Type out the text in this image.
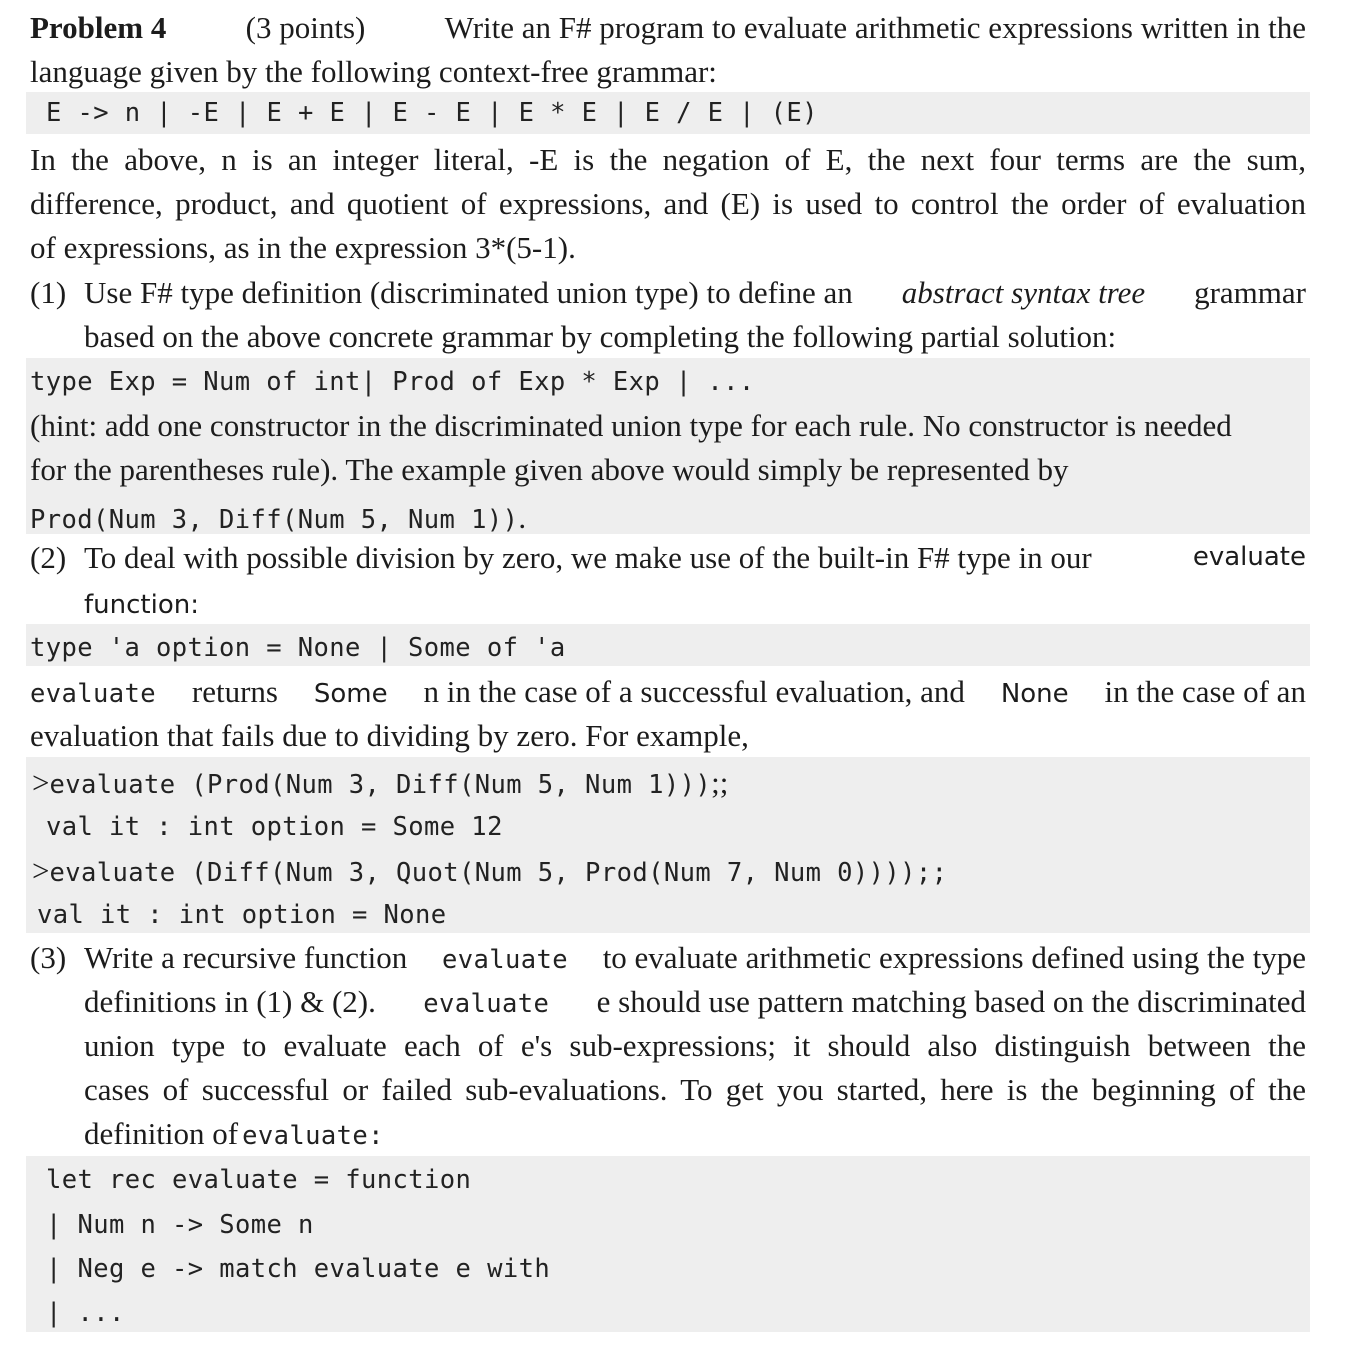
Problem 4	(3 points)	Write an F# program to evaluate arithmetic expressions written in the
language given by the following context-free grammar:
E -> n | -E | E + E | E - E | E * E | E / E | (E)
In the above, n is an integer literal, -E is the negation of E, the next four terms are the sum,
difference, product, and quotient of expressions, and (E) is used to control the order of evaluation
of expressions, as in the expression 3*(5-1).
(1) Use F# type definition (discriminated union type) to define an abstract syntax tree grammar
based on the above concrete grammar by completing the following partial solution:
type Exp = Num of int| Prod of Exp * Exp | ...
(hint: add one constructor in the discriminated union type for each rule. No constructor is needed
for the parentheses rule). The example given above would simply be represented by
Prod(Num 3, Diff(Num 5, Num 1)).
(2) To deal with possible division by zero, we make use of the built-in F# type in our	evaluate
function:
type 'a option = None | Some of 'a
evaluate returns Some n in the case of a successful evaluation, and None in the case of an
evaluation that fails due to dividing by zero. For example,
>evaluate (Prod(Num 3, Diff(Num 5, Num 1)));;
val it : int option = Some 12
>evaluate (Diff(Num 3, Quot(Num 5, Prod(Num 7, Num 0))));;
val it : int option = None
(3) Write a recursive function evaluate to evaluate arithmetic expressions defined using the type
definitions in (1) & (2). evaluate e should use pattern matching based on the discriminated
union type to evaluate each of e's sub-expressions; it should also distinguish between the
cases of successful or failed sub-evaluations. To get you started, here is the beginning of the
definition of evaluate:
let rec evaluate = function
| Num n -> Some n
| Neg e -> match evaluate e with
| ...
